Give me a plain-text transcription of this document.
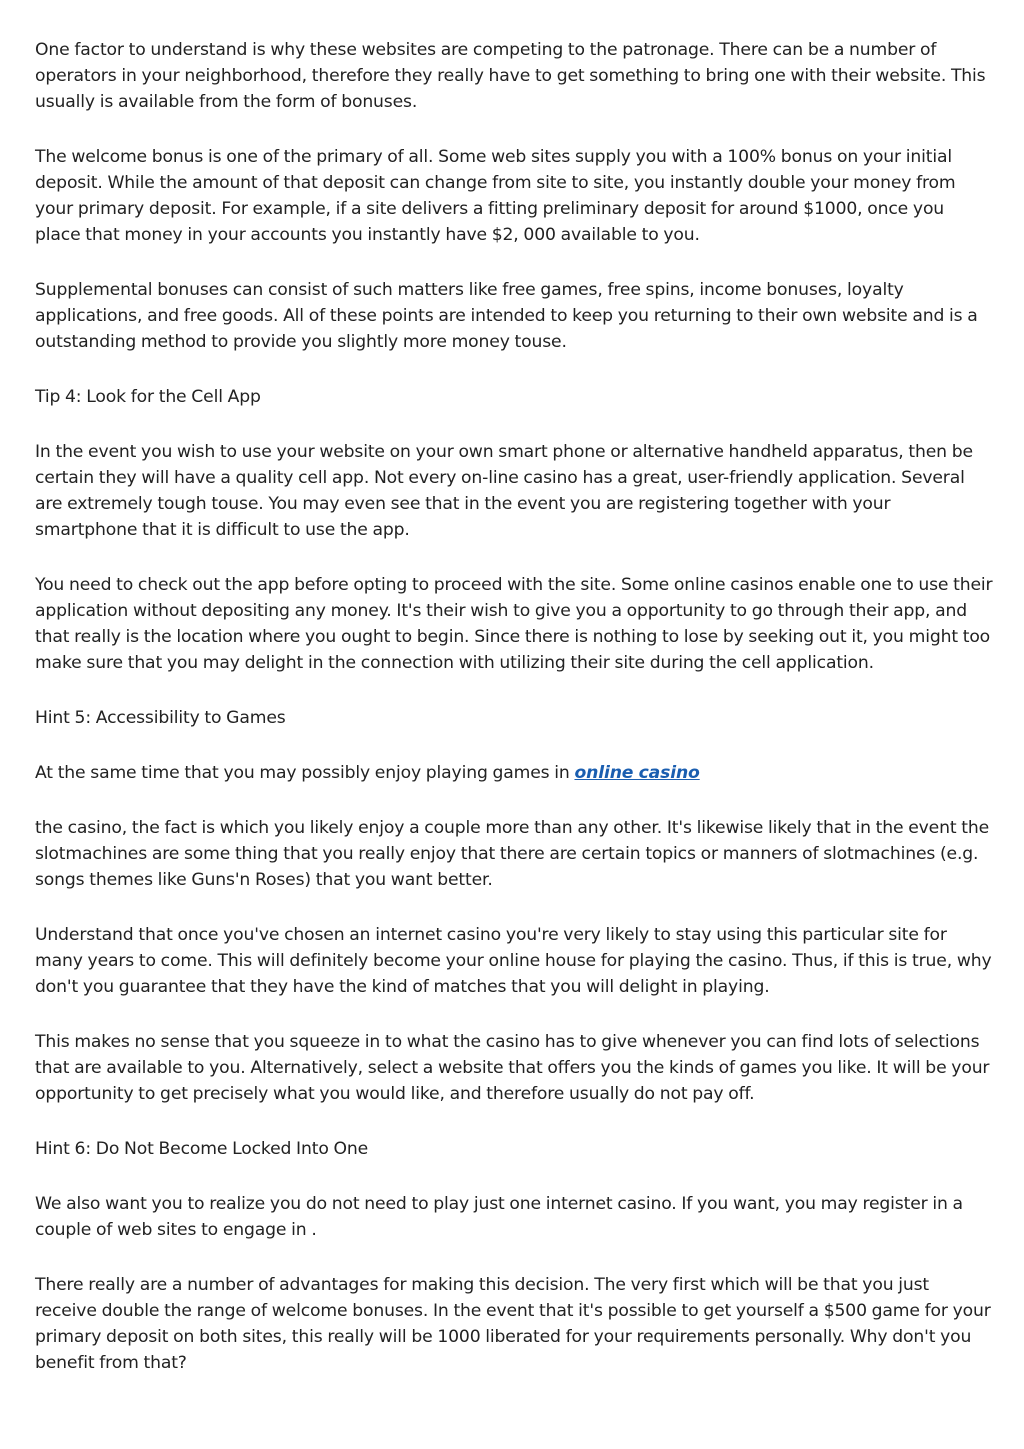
One factor to understand is why these websites are competing to the patronage. There can be a number of operators in your neighborhood, therefore they really have to get something to bring one with their website. This usually is available from the form of bonuses.

The welcome bonus is one of the primary of all. Some web sites supply you with a 100% bonus on your initial deposit. While the amount of that deposit can change from site to site, you instantly double your money from your primary deposit. For example, if a site delivers a fitting preliminary deposit for around $1000, once you place that money in your accounts you instantly have $2, 000 available to you.

Supplemental bonuses can consist of such matters like free games, free spins, income bonuses, loyalty applications, and free goods. All of these points are intended to keep you returning to their own website and is a outstanding method to provide you slightly more money touse.

Tip 4: Look for the Cell App

In the event you wish to use your website on your own smart phone or alternative handheld apparatus, then be certain they will have a quality cell app. Not every on-line casino has a great, user-friendly application. Several are extremely tough touse. You may even see that in the event you are registering together with your smartphone that it is difficult to use the app.

You need to check out the app before opting to proceed with the site. Some online casinos enable one to use their application without depositing any money. It's their wish to give you a opportunity to go through their app, and that really is the location where you ought to begin. Since there is nothing to lose by seeking out it, you might too make sure that you may delight in the connection with utilizing their site during the cell application.

Hint 5: Accessibility to Games

At the same time that you may possibly enjoy playing games in online casino

the casino, the fact is which you likely enjoy a couple more than any other. It's likewise likely that in the event the slotmachines are some thing that you really enjoy that there are certain topics or manners of slotmachines (e.g. songs themes like Guns'n Roses) that you want better.

Understand that once you've chosen an internet casino you're very likely to stay using this particular site for many years to come. This will definitely become your online house for playing the casino. Thus, if this is true, why don't you guarantee that they have the kind of matches that you will delight in playing.

This makes no sense that you squeeze in to what the casino has to give whenever you can find lots of selections that are available to you. Alternatively, select a website that offers you the kinds of games you like. It will be your opportunity to get precisely what you would like, and therefore usually do not pay off.

Hint 6: Do Not Become Locked Into One

We also want you to realize you do not need to play just one internet casino. If you want, you may register in a couple of web sites to engage in .

There really are a number of advantages for making this decision. The very first which will be that you just receive double the range of welcome bonuses. In the event that it's possible to get yourself a $500 game for your primary deposit on both sites, this really will be 1000 liberated for your requirements personally. Why don't you benefit from that?
